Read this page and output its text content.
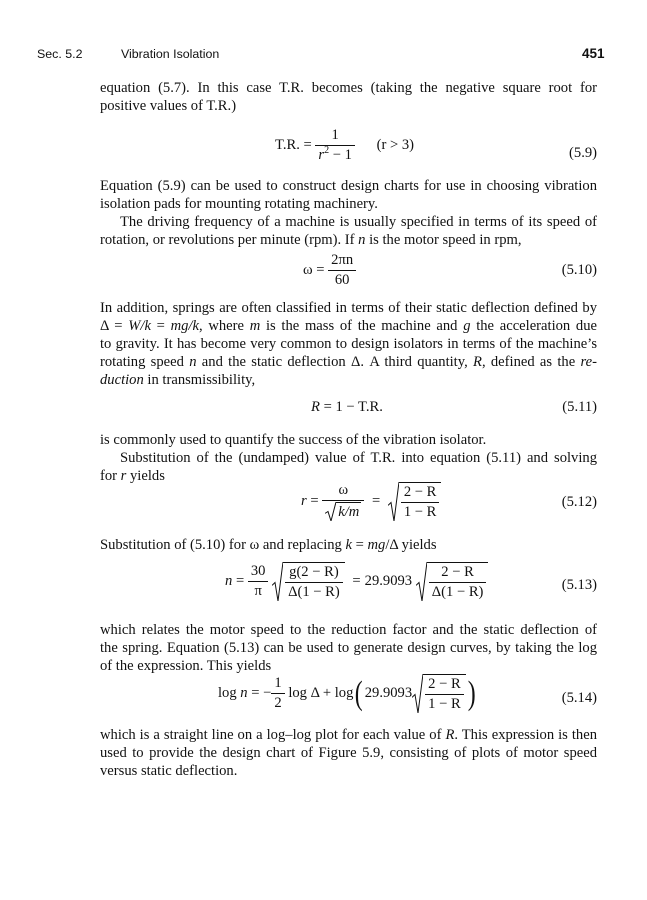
Sec. 5.2	Vibration Isolation	451
equation (5.7). In this case T.R. becomes (taking the negative square root for
positive values of T.R.)
T.R. = $\frac{1}{r^2 - 1} (r > 3)$
(5.9)
Equation (5.9) can be used to construct design charts for use in choosing vibration
isolation pads for mounting rotating machinery.
The driving frequency of a machine is usually specified in terms of its speed of
rotation, or revolutions per minute (rpm). If n is the motor speed in rpm,
$\omega = \frac{2\pi n}{60}$	(5.10)
In addition, springs are often classified in terms of their static deflection defined by
Δ = W/k = mg/k, where m is the mass of the machine and g the acceleration due
to gravity. It has become very common to design isolators in terms of the machine’s
rotating speed n and the static deflection Δ. A third quantity, R, defined as the re-
duction in transmissibility,
R = 1 − T.R.	(5.11)
is commonly used to quantify the success of the vibration isolator.
Substitution of the (undamped) value of T.R. into equation (5.11) and solving
for r yields
$r = \frac{\omega}{k/m} = \frac{2 - R}{1 - R}$	(5.12)
Substitution of (5.10) for ω and replacing k = mg/Δ yields
$n = \frac{30}{\pi}$
$\frac{g(2 - R)}{\Delta(1 - R)} = 29.9093 \frac{2 - R}{\Delta(1 - R)}$	(5.13)
which relates the motor speed to the reduction factor and the static deflection of
the spring. Equation (5.13) can be used to generate design curves, by taking the log
of the expression. This yields
log n = − $\frac{1}{2}$ log Δ + log( $29.9093 \frac{2 - R}{1 - R}$ )	(5.14)
which is a straight line on a log–log plot for each value of R. This expression is then
used to provide the design chart of Figure 5.9, consisting of plots of motor speed
versus static deflection.
